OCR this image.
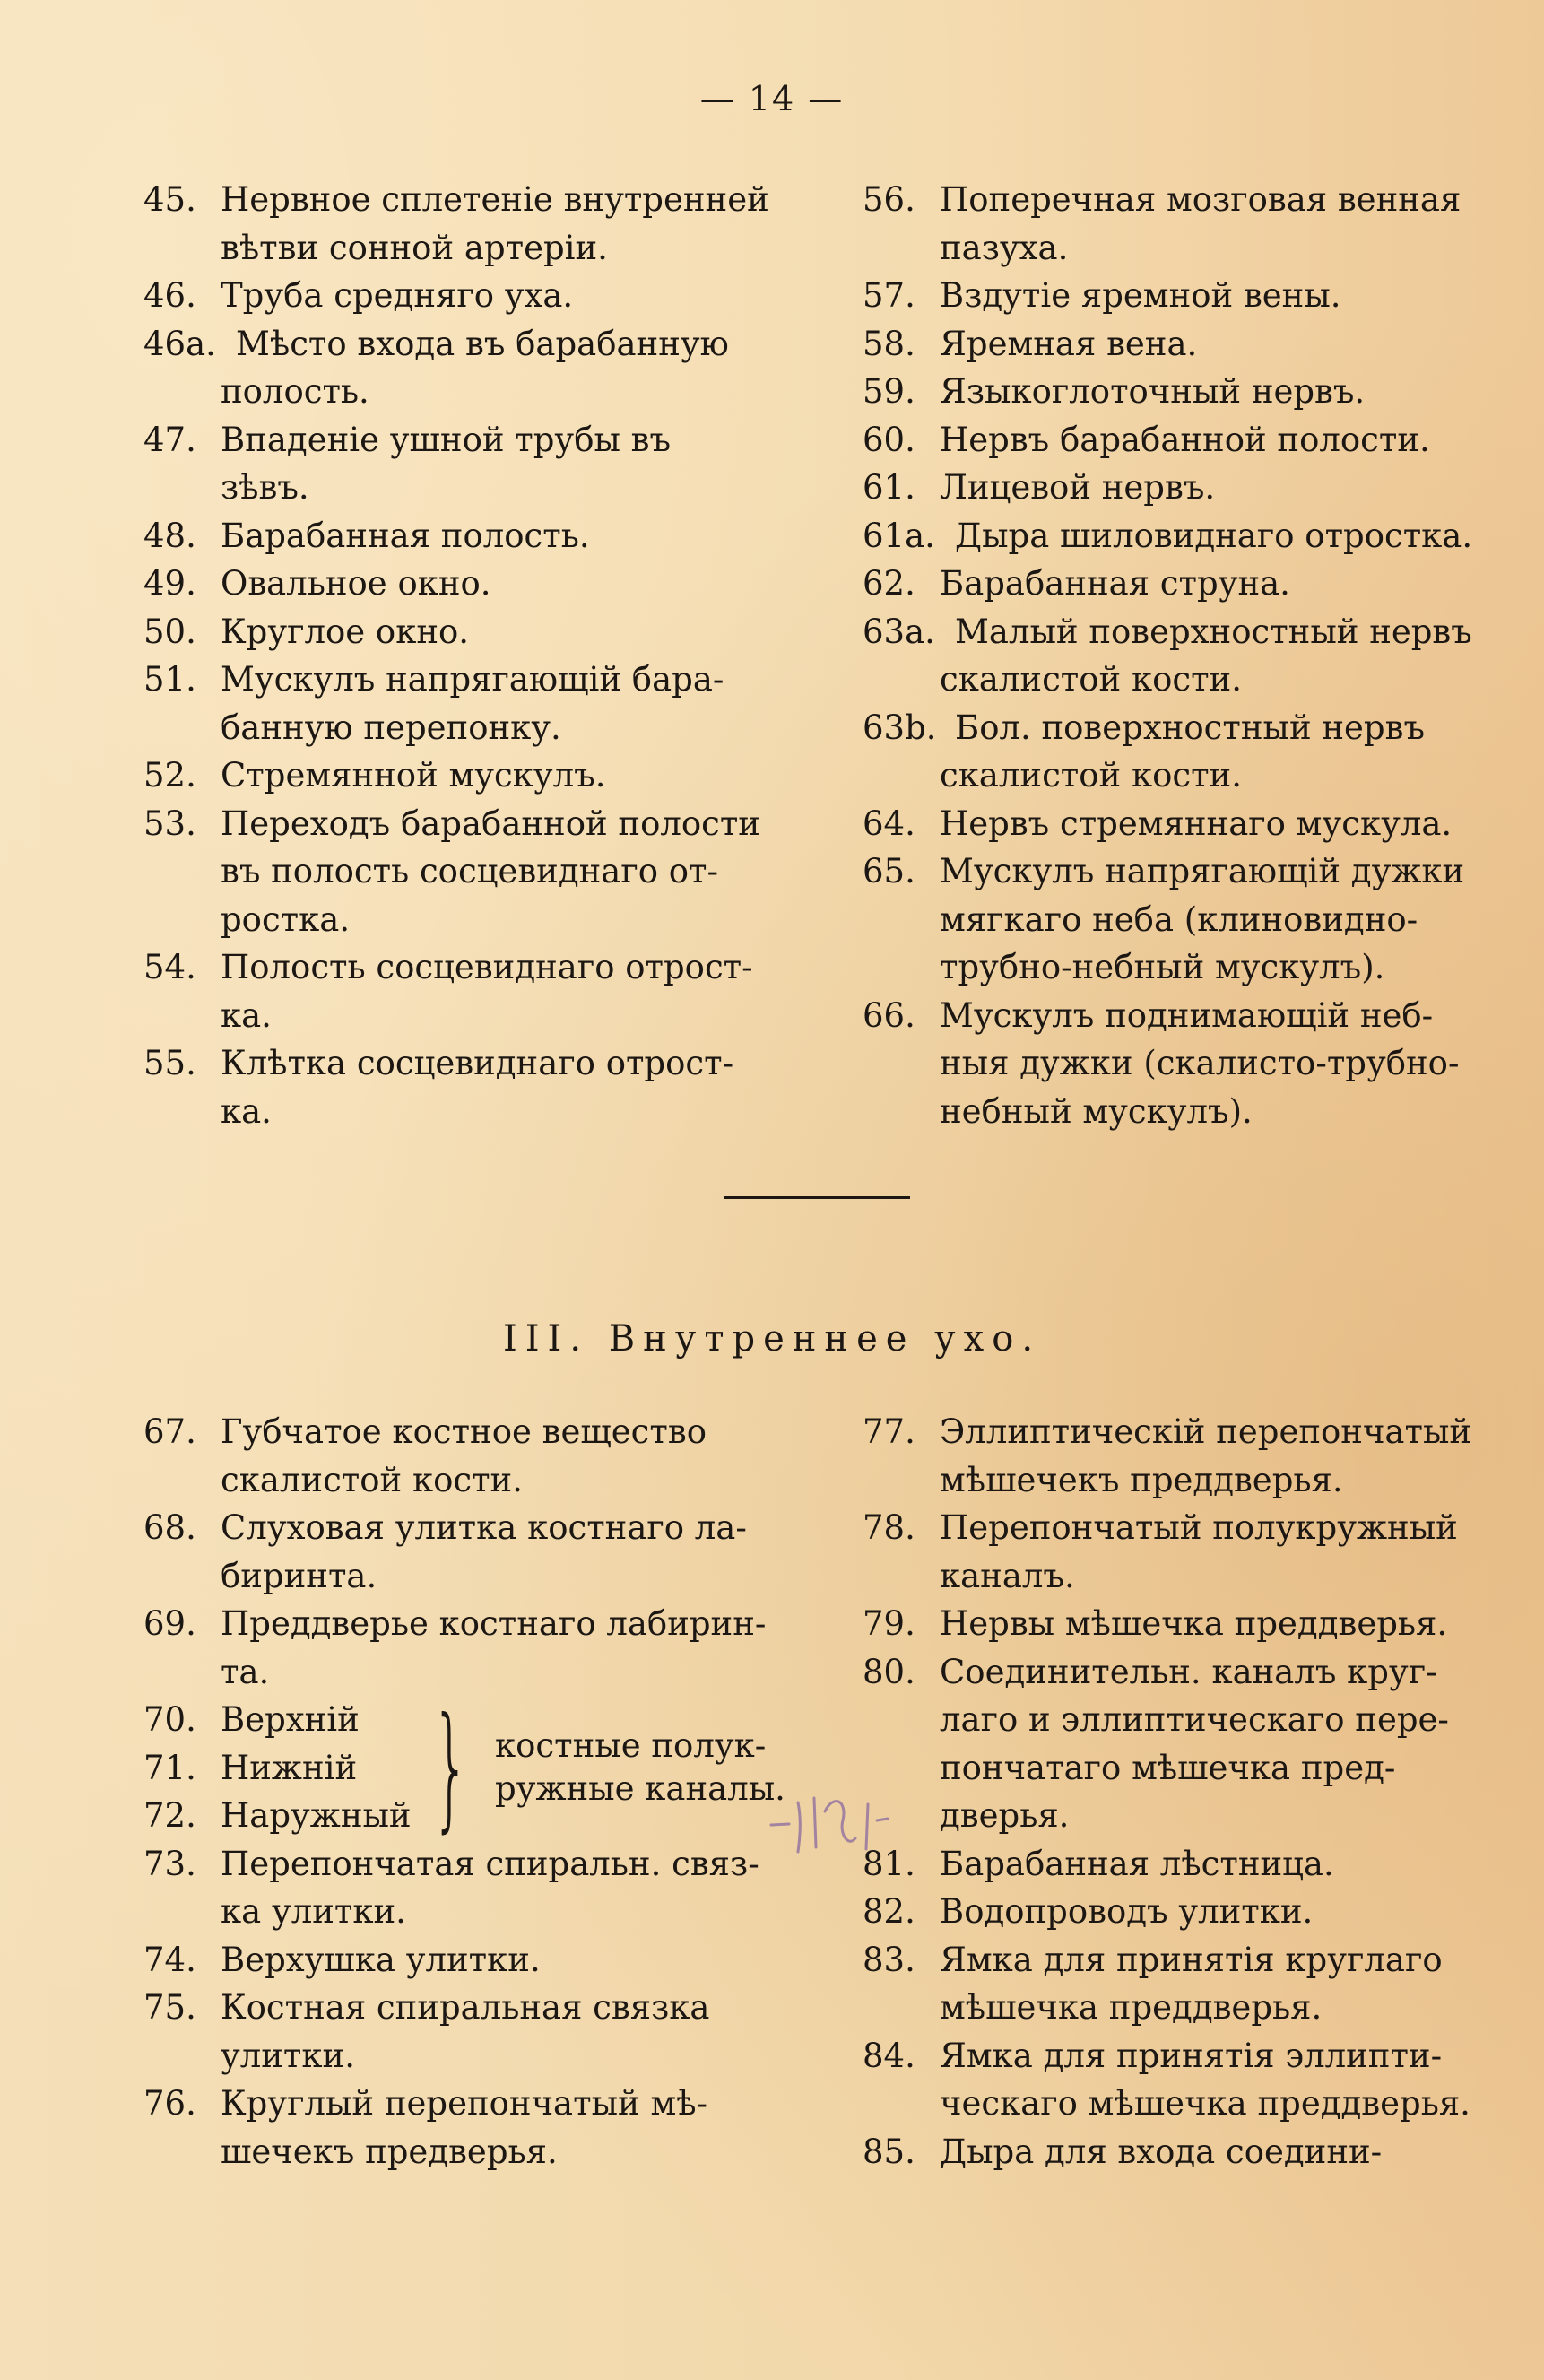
— 14 —
45. Нервное сплетеніе внутренней
вѣтви сонной артеріи.
46. Труба средняго уха.
46a. Мѣсто входа въ барабанную
полость.
47. Впаденіе ушной трубы въ
зѣвъ.
48. Барабанная полость.
49. Овальное окно.
50. Круглое окно.
51. Мускулъ напрягающій бара-
банную перепонку.
52. Стремянной мускулъ.
53. Переходъ барабанной полости
въ полость сосцевиднаго от-
ростка.
54. Полость сосцевиднаго отрост-
ка.
55. Клѣтка сосцевиднаго отрост-
ка.
56. Поперечная мозговая венная
пазуха.
57. Вздутіе яремной вены.
58. Яремная вена.
59. Языкоглоточный нервъ.
60. Нервъ барабанной полости.
61. Лицевой нервъ.
61a. Дыра шиловиднаго отростка.
62. Барабанная струна.
63a. Малый поверхностный нервъ
скалистой кости.
63b. Бол. поверхностный нервъ
скалистой кости.
64. Нервъ стремяннаго мускула.
65. Мускулъ напрягающій дужки
мягкаго неба (клиновидно-
трубно-небный мускулъ).
66. Мускулъ поднимающій неб-
ныя дужки (скалисто-трубно-
небный мускулъ).
III. Внутреннее ухо.
67. Губчатое костное вещество
скалистой кости.
68. Слуховая улитка костнаго ла-
биринта.
69. Преддверье костнаго лабирин-
та.
70. Верхній
71. Нижній
72. Наружный } костные полук-
ружные каналы.
73. Перепончатая спиральн. связ-
ка улитки.
74. Верхушка улитки.
75. Костная спиральная связка
улитки.
76. Круглый перепончатый мѣ-
шечекъ предверья.
77. Эллиптическій перепончатый
мѣшечекъ преддверья.
78. Перепончатый полукружный
каналъ.
79. Нервы мѣшечка преддверья.
80. Соединительн. каналъ круг-
лаго и эллиптическаго пере-
пончатаго мѣшечка пред-
дверья.
81. Барабанная лѣстница.
82. Водопроводъ улитки.
83. Ямка для принятія круглаго
мѣшечка преддверья.
84. Ямка для принятія эллипти-
ческаго мѣшечка преддверья.
85. Дыра для входа соедини-
